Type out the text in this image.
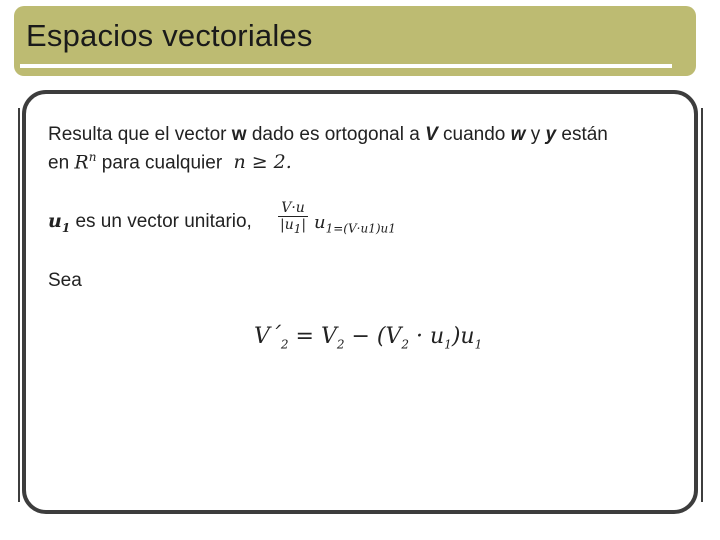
Espacios vectoriales
Resulta que el vector w dado es ortogonal a V cuando w y y están
en $R^n$ para cualquier n ≥ 2.
$u_1$ es un vector unitario, $\frac{V\cdot u}{|u_1|} u_{1=(V\cdot u1)u1}$
Sea
$V´_2 = V_2 - (V_2 \cdot u_1)u_1$
